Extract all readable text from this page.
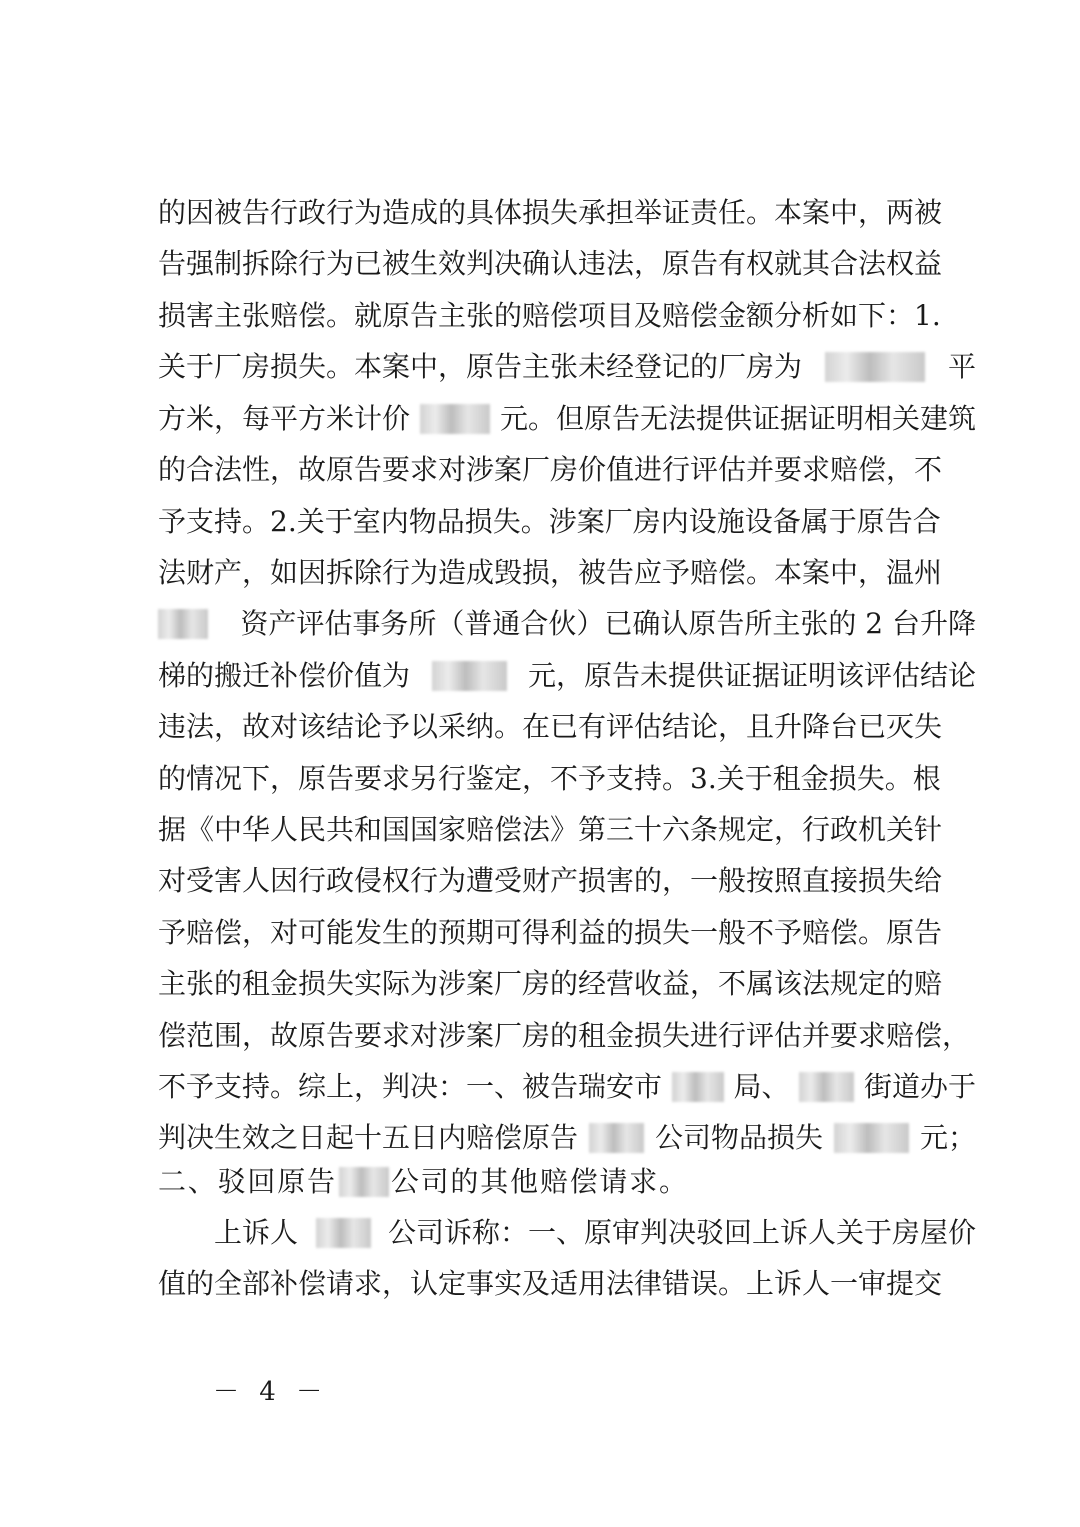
的因被告行政行为造成的具体损失承担举证责任。本案中，两被
告强制拆除行为已被生效判决确认违法，原告有权就其合法权益
损害主张赔偿。就原告主张的赔偿项目及赔偿金额分析如下：1.
关于厂房损失。本案中，原告主张未经登记的厂房为	平
方米，每平方米计价	元。但原告无法提供证据证明相关建筑
的合法性，故原告要求对涉案厂房价值进行评估并要求赔偿，不
予支持。2.关于室内物品损失。涉案厂房内设施设备属于原告合
法财产，如因拆除行为造成毁损，被告应予赔偿。本案中，温州
资产评估事务所（普通合伙）已确认原告所主张的 2 台升降
梯的搬迁补偿价值为	元，原告未提供证据证明该评估结论
违法，故对该结论予以采纳。在已有评估结论，且升降台已灭失
的情况下，原告要求另行鉴定，不予支持。3.关于租金损失。根
据《中华人民共和国国家赔偿法》第三十六条规定，行政机关针
对受害人因行政侵权行为遭受财产损害的，一般按照直接损失给
予赔偿，对可能发生的预期可得利益的损失一般不予赔偿。原告
主张的租金损失实际为涉案厂房的经营收益，不属该法规定的赔
偿范围，故原告要求对涉案厂房的租金损失进行评估并要求赔偿，
不予支持。综上，判决：一、被告瑞安市	局、	街道办于
判决生效之日起十五日内赔偿原告	公司物品损失	元；
二、驳回原告 公司的其他赔偿请求。
上诉人	公司诉称：一、原审判决驳回上诉人关于房屋价
值的全部补偿请求，认定事实及适用法律错误。上诉人一审提交
－ 4 －
